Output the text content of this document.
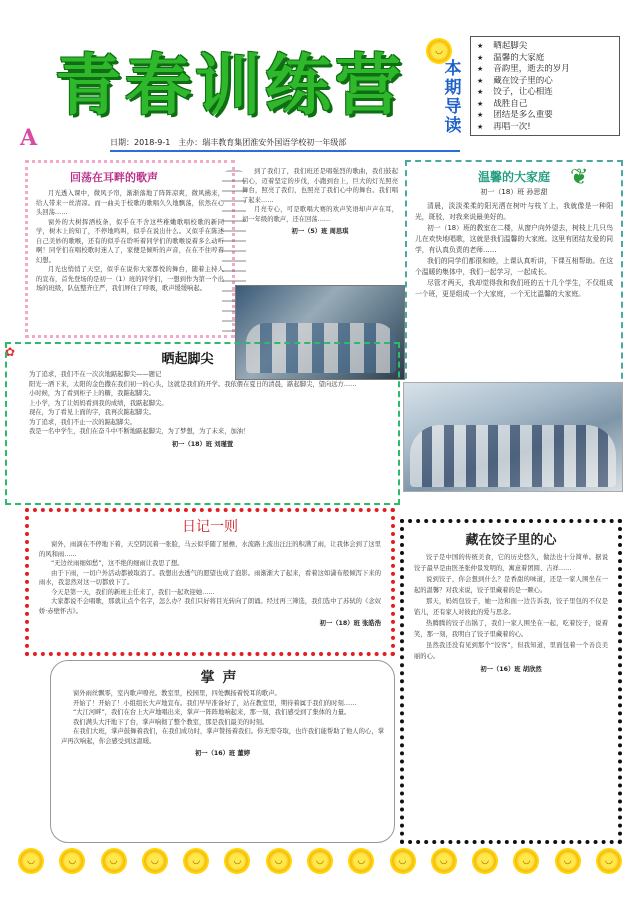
青春训练营	◡
本期导读
★ 晒起脚尖
★ 温馨的大家庭
★ 音韵里，逝去的岁月
★ 藏在饺子里的心
★ 饺子，让心相连
★ 战胜自己
★ 团结是多么重要
★ 再唱一次!
A	日期：2018-9-1　主办：瑞丰教育集团淮安外国语学校初一年级部
回荡在耳畔的歌声

月光透入课中，微风予帘，渐渐落地了阵阵凉爽，微风拂来，给人带来一丝清凉。而一曲关于校歌的歌唱久久地飘荡，依然在心头回荡……

窗外的大树挥洒枝条，似乎在不舍这些稚嫩歌唱校歌的新同学，树木上的知了，不停地鸣叫，似乎在说出什么。又似乎在陈述自己美妙的歌喉，还有的似乎在聆听着同学们的歌喉说着多么动听啊！同学们在唱校歌时迷人了，家便是倾听的声音，在在不住哼着幻想。

月光也悄悄了天空，似乎在说你大家都悦的舞台，随着主持人的宣布，首先登场的是初一（1）班的同学们，一想到作为第一个出场的班级，队伍整齐庄严，我们屏住了呼吸，歌声缓缓响起。

到了我们了，我们班还是唱强烈的歌曲，我们鼓起信心，迈着坚定的步伐，小跑到台上，巨大的灯光照亮舞台，照亮了我们，也照亮了我们心中的舞台。我们唱了起来……

月亮专心，可是歌唱大赛的欢声笑语却声声在耳，初一年级的歌声，还在回荡……

初一（5）班 周思琪
温馨的大家庭
初一（18）班 孙思甜

清晨，淡淡柔柔的阳光洒在树叶与枝丫上，我就像是一种阳光，斑驳，对我来说最美好的。

初一（18）班的教室在二楼，从窗户向外望去，树枝上几只鸟儿在欢快地唱歌，这就是我们温馨的大家庭。这里有团结友爱的同学，有认真负责的老师……

我们的同学们都很和睦，上课认真听讲，下课互相帮助。在这个温暖的集体中，我们一起学习，一起成长。

尽管才两天，我却觉得我和我们班的五十几个学生，不仅组成一个班，更是组成一个大家庭，一个无比温馨的大家庭。

❦
✿	晒起脚尖

为了追求，我们不在一次次地踮起脚尖——题记

阳光一洒下来，太阳的金色撒在我们初一的心头，这就是我们的开学。我依偎在夏日的清晨，踮起脚尖，望向远方……

小时候，为了看到柜子上的糖，我踮起脚尖。

上小学，为了让妈妈看到我的成绩，我踮起脚尖。

现在，为了看见上面的字，我再次踮起脚尖。

为了追求，我们不止一次的踮起脚尖。

我是一名中学生，我们在奋斗中不断地踮起脚尖，为了梦想，为了未来，加油！

初一（18）班 刘瑾萱
日记一则

窗外，雨滴在不停地下着，天空阴沉着一张脸，马云似乎随了屋檐，水流路上流出汪汪的积满了雨，让我体会到了这里的风和雨……

“无边丝雨细如愁”，这不绝的细雨让我思了想。

由于下雨，一切户外活动都被取消了。我想出去透气的愿望也成了泡影。雨渐渐大了起来，看着这如潇布般倾泻下来的雨水，我忽然对这一切都放下了。

今天是第一天，我们的新班主任来了，我们一起欢迎她……

大家都说不会唱歌，那就让点个名字，怎么办？我们只好将目光转向了朗诵。经过再三筛选，我们选中了苏轼的《念奴娇·赤壁怀古》。

初一（18）班 张皓浩
藏在饺子里的心

饺子是中国的传统美食，它的历史悠久，做法也十分简单。据说饺子最早是由医圣张仲景发明的，寓意着团圆、吉祥……

说到饺子，你会想到什么？是香甜的味道，还是一家人围坐在一起的温馨？对我来说，饺子里藏着的是一颗心。

那天，妈妈包饺子，她一边和面一边告诉我，饺子里包的不仅是馅儿，还有家人对彼此的爱与思念。

热腾腾的饺子出锅了，我们一家人围坐在一起，吃着饺子，说着笑，那一刻，我明白了饺子里藏着的心。

虽然我还没有见到那个“饺客”，但我知道，里面包着一个善良美丽的心。

初一（16）班 胡欣然
掌声

窗外雨丝飘零，室内歌声嘹亮。教室里，校园里，四处飘扬着悦耳的歌声。

开始了！开始了！小组组长大声地宣布。我们早早准备好了，站在教室里，期待着属于我们的时刻……

“大江河畔”，我们在台上大声地唱出来，掌声一阵阵地响起来，那一刻，我们感受到了集体的力量。

我们满头大汗地下了台，掌声响彻了整个教室，那是我们最美的时刻。

在我们大班，掌声鼓舞着我们，在我们成功时，掌声赞扬着我们。你无需夺取，也许我们能帮助了他人的心，掌声再次响起，你会感受到这温暖。

初一（16）班 董婷
◡	◡	◡	◡	◡	◡	◡	◡	◡	◡	◡	◡	◡	◡	◡
